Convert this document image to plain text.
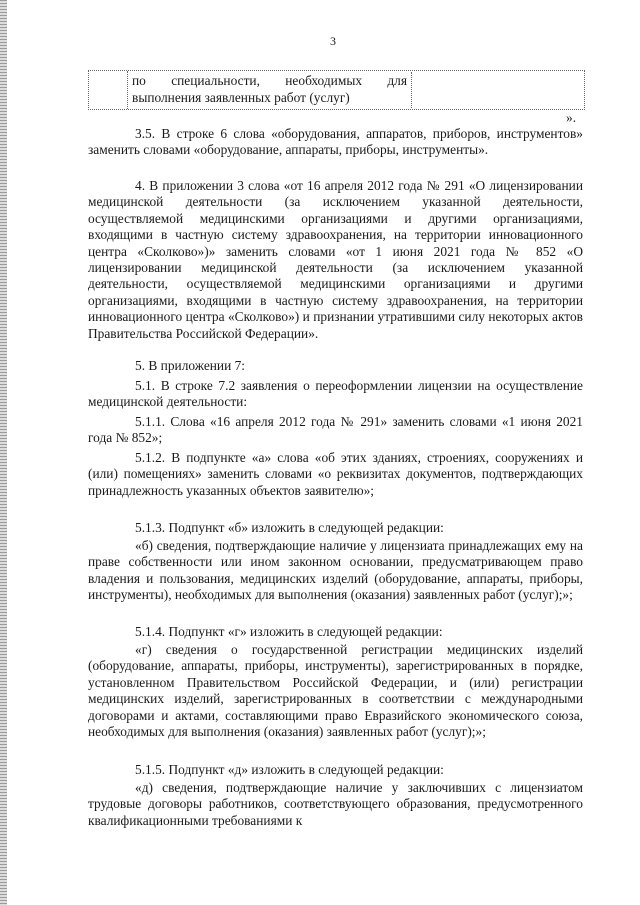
3
по специальности, необходимых для
выполнения заявленных работ (услуг)
».
3.5. В строке 6 слова «оборудования, аппаратов, приборов, инструментов» заменить словами «оборудование, аппараты, приборы, инструменты».
4. В приложении 3 слова «от 16 апреля 2012 года № 291 «О лицензировании медицинской деятельности (за исключением указанной деятельности, осуществляемой медицинскими организациями и другими организациями, входящими в частную систему здравоохранения, на территории инновационного центра «Сколково»)» заменить словами «от 1 июня 2021 года № 852 «О лицензировании медицинской деятельности (за исключением указанной деятельности, осуществляемой медицинскими организациями и другими организациями, входящими в частную систему здравоохранения, на территории инновационного центра «Сколково») и признании утратившими силу некоторых актов Правительства Российской Федерации».
5. В приложении 7:
5.1. В строке 7.2 заявления о переоформлении лицензии на осуществление медицинской деятельности:
5.1.1. Слова «16 апреля 2012 года № 291» заменить словами «1 июня 2021 года № 852»;
5.1.2. В подпункте «а» слова «об этих зданиях, строениях, сооружениях и (или) помещениях» заменить словами «о реквизитах документов, подтверждающих принадлежность указанных объектов заявителю»;
5.1.3. Подпункт «б» изложить в следующей редакции:
«б) сведения, подтверждающие наличие у лицензиата принадлежащих ему на праве собственности или ином законном основании, предусматривающем право владения и пользования, медицинских изделий (оборудование, аппараты, приборы, инструменты), необходимых для выполнения (оказания) заявленных работ (услуг);»;
5.1.4. Подпункт «г» изложить в следующей редакции:
«г) сведения о государственной регистрации медицинских изделий (оборудование, аппараты, приборы, инструменты), зарегистрированных в порядке, установленном Правительством Российской Федерации, и (или) регистрации медицинских изделий, зарегистрированных в соответствии с международными договорами и актами, составляющими право Евразийского экономического союза, необходимых для выполнения (оказания) заявленных работ (услуг);»;
5.1.5. Подпункт «д» изложить в следующей редакции:
«д) сведения, подтверждающие наличие у заключивших с лицензиатом трудовые договоры работников, соответствующего образования, предусмотренного квалификационными требованиями к
